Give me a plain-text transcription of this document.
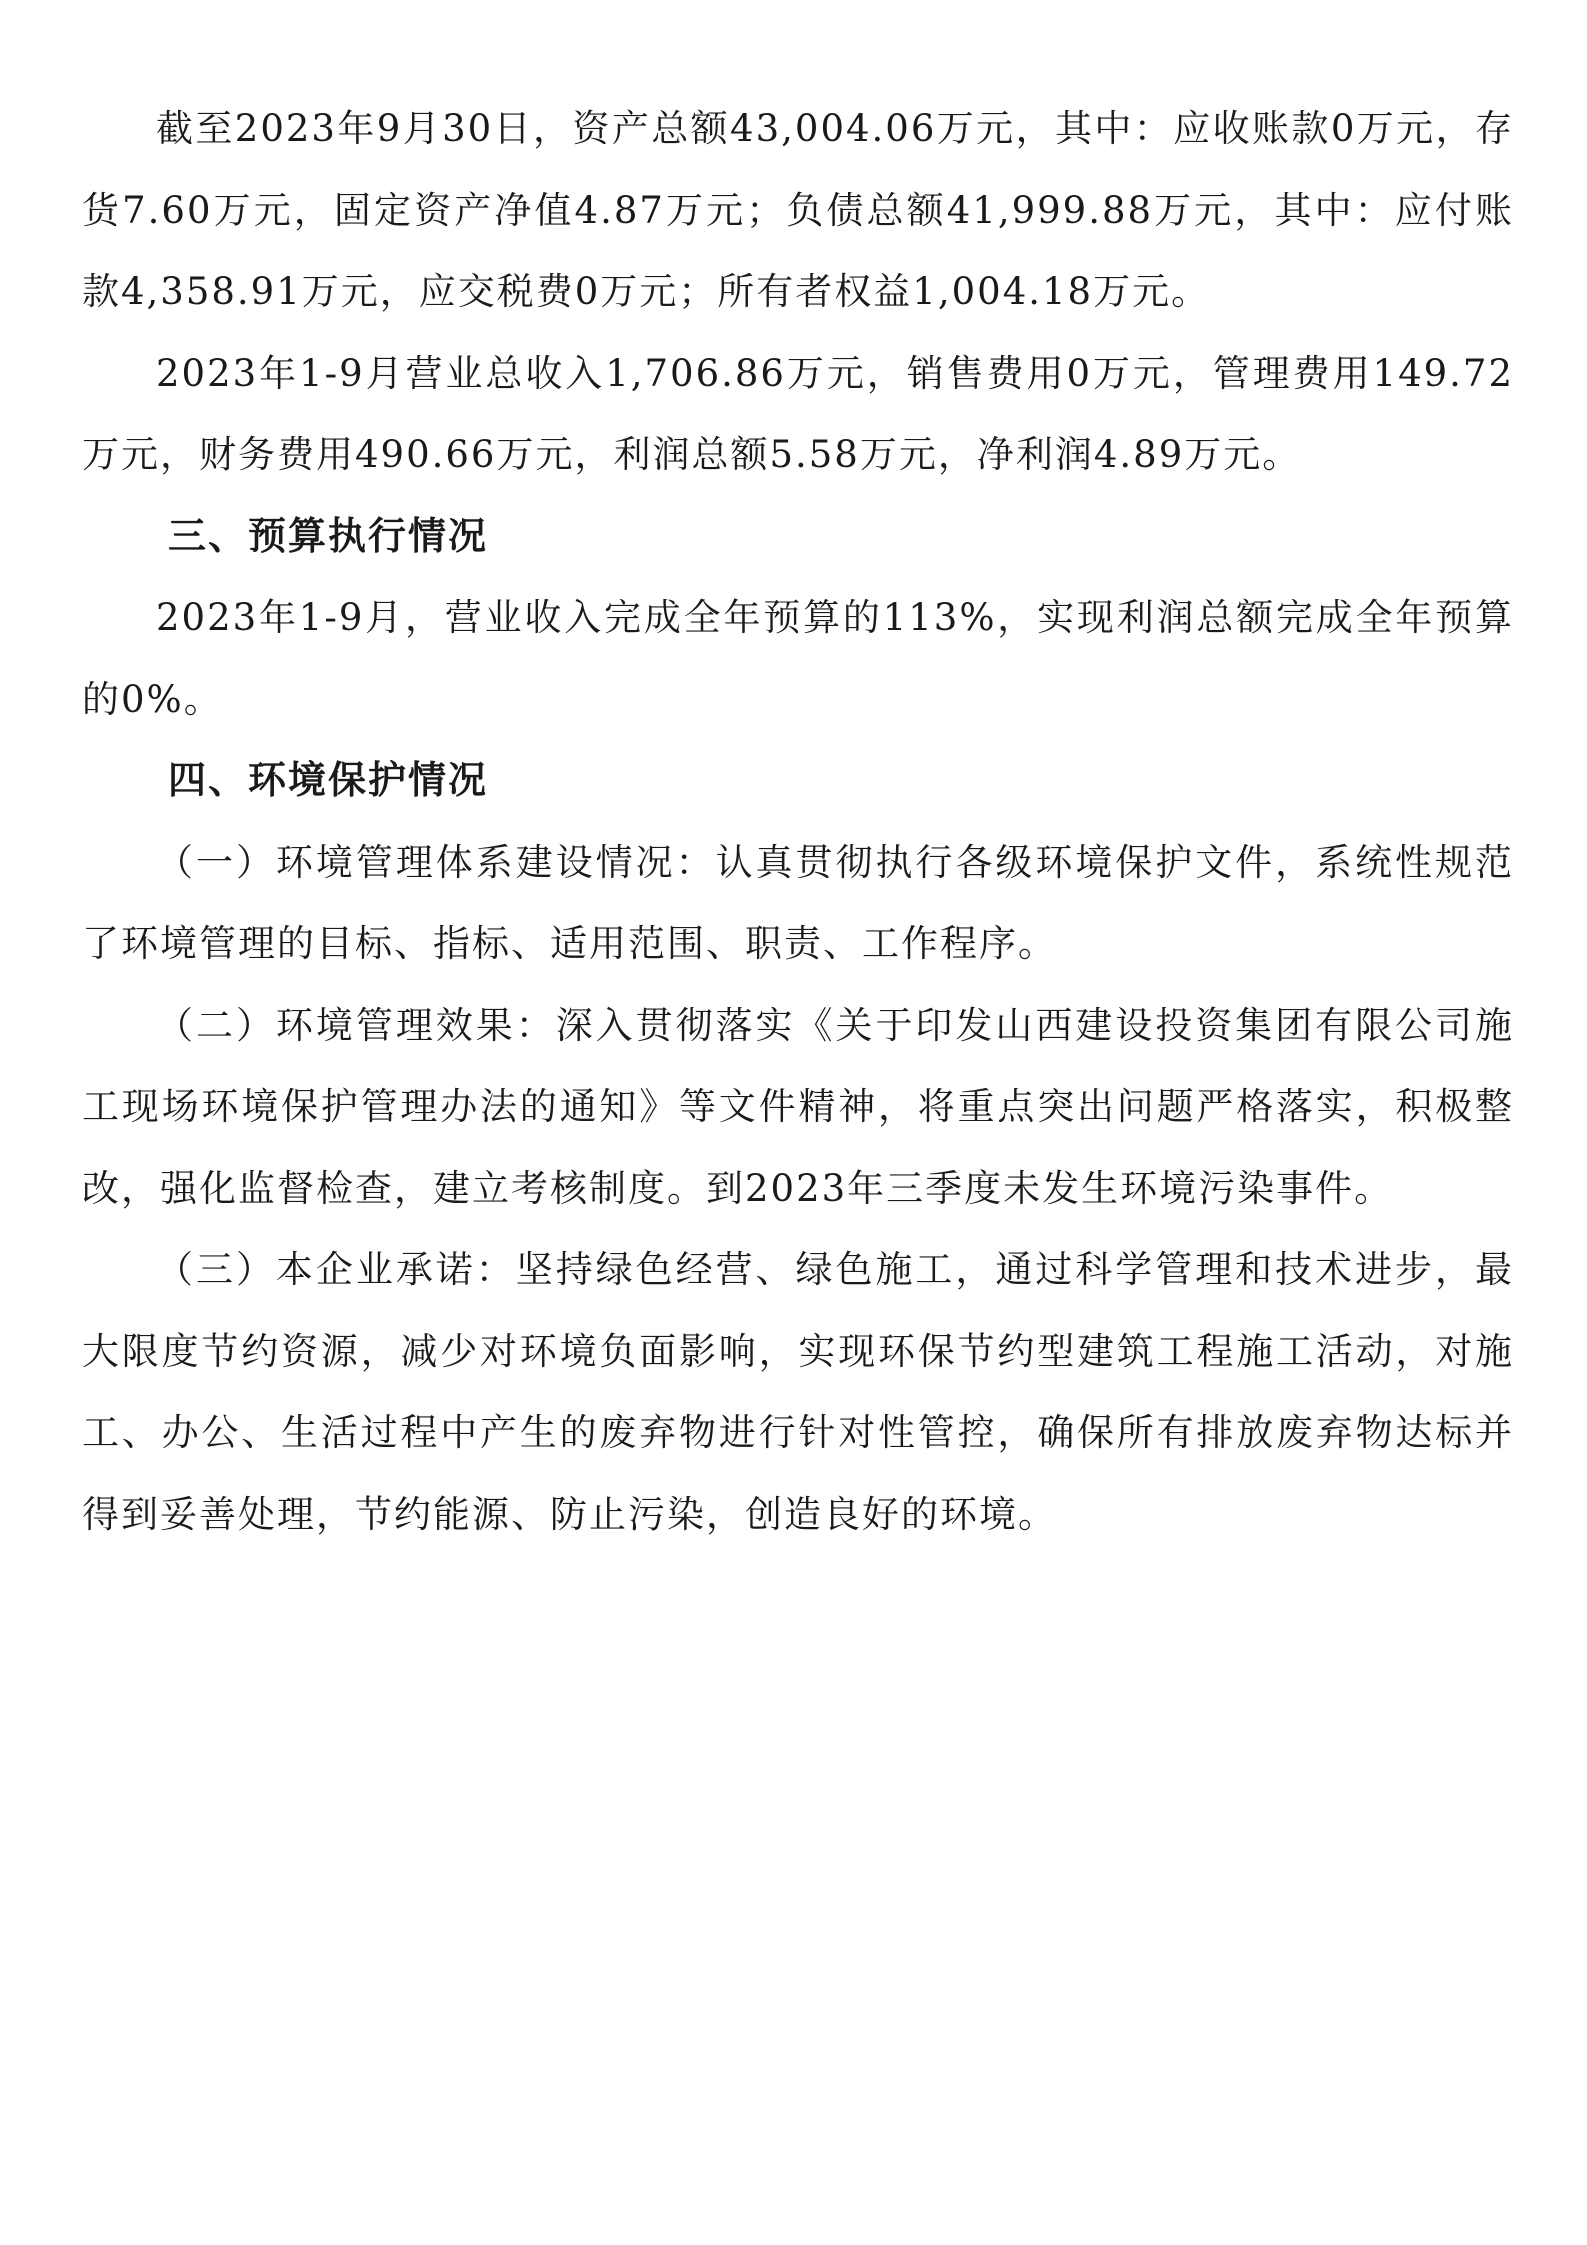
截至2023年9月30日，资产总额43,004.06万元，其中：应收账款0万元，存货7.60万元，固定资产净值4.87万元；负债总额41,999.88万元，其中：应付账款4,358.91万元，应交税费0万元；所有者权益1,004.18万元。

2023年1-9月营业总收入1,706.86万元，销售费用0万元，管理费用149.72万元，财务费用490.66万元，利润总额5.58万元，净利润4.89万元。

三、预算执行情况

2023年1-9月，营业收入完成全年预算的113%，实现利润总额完成全年预算的0%。

四、环境保护情况

（一）环境管理体系建设情况：认真贯彻执行各级环境保护文件，系统性规范了环境管理的目标、指标、适用范围、职责、工作程序。

（二）环境管理效果：深入贯彻落实《关于印发山西建设投资集团有限公司施工现场环境保护管理办法的通知》等文件精神，将重点突出问题严格落实，积极整改，强化监督检查，建立考核制度。到2023年三季度未发生环境污染事件。

（三）本企业承诺：坚持绿色经营、绿色施工，通过科学管理和技术进步，最大限度节约资源，减少对环境负面影响，实现环保节约型建筑工程施工活动，对施工、办公、生活过程中产生的废弃物进行针对性管控，确保所有排放废弃物达标并得到妥善处理，节约能源、防止污染，创造良好的环境。
